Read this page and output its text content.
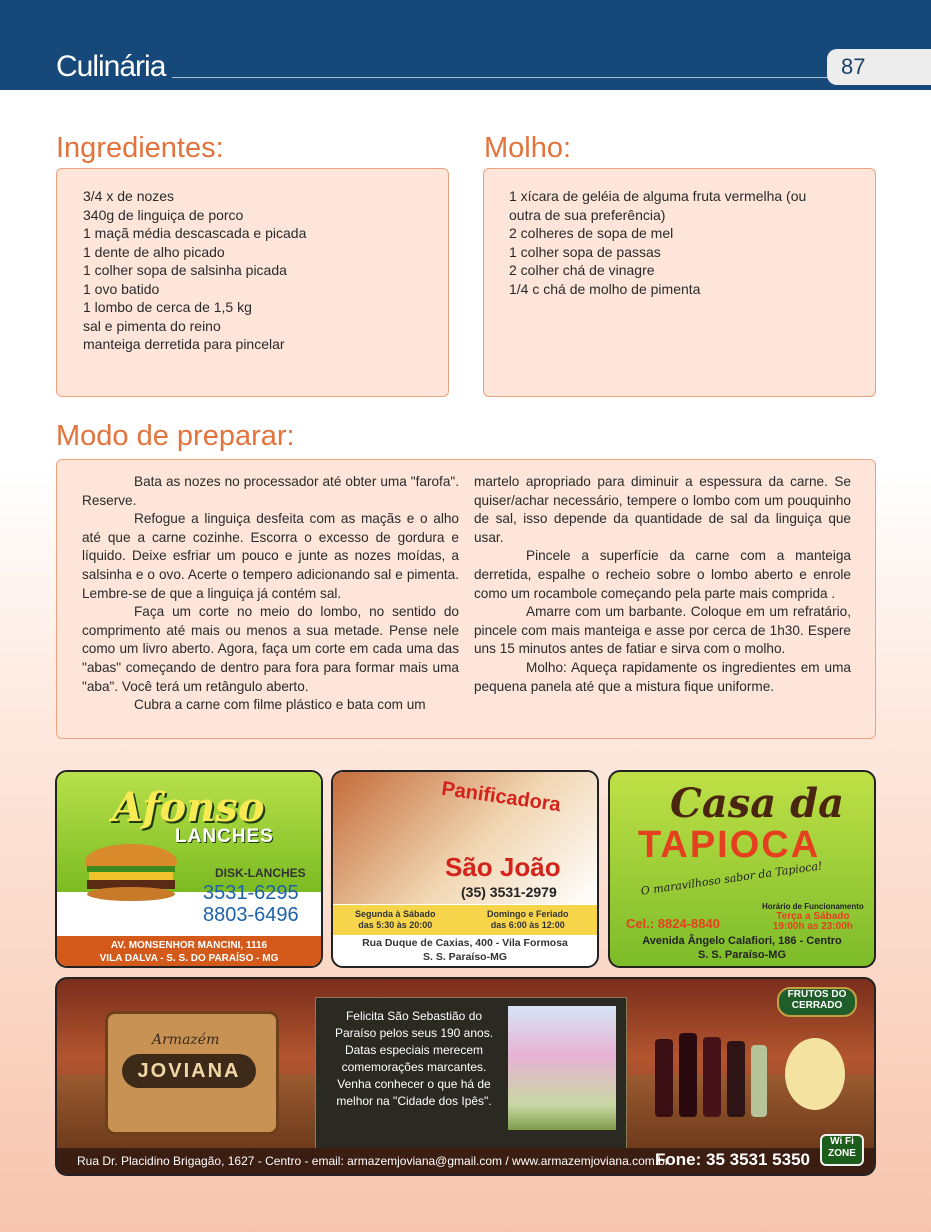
Culinária	87
Ingredientes:
3/4 x de nozes
340g de linguiça de porco
1 maçã média descascada e picada
1 dente de alho picado
1 colher sopa de salsinha picada
1 ovo batido
1 lombo de cerca de 1,5 kg
sal e pimenta do reino
manteiga derretida para pincelar
Molho:
1 xícara de geléia de alguma fruta vermelha (ou
outra de sua preferência)
2 colheres de sopa de mel
1 colher sopa de passas
2 colher chá de vinagre
1/4 c chá de molho de pimenta
Modo de preparar:

Bata as nozes no processador até obter uma "farofa". Reserve.

Refogue a linguiça desfeita com as maçãs e o alho até que a carne cozinhe. Escorra o excesso de gordura e líquido. Deixe esfriar um pouco e junte as nozes moídas, a salsinha e o ovo. Acerte o tempero adicionando sal e pimenta. Lembre-se de que a linguiça já contém sal.

Faça um corte no meio do lombo, no sentido do comprimento até mais ou menos a sua metade. Pense nele como um livro aberto. Agora, faça um corte em cada uma das "abas" começando de dentro para fora para formar mais uma "aba". Você terá um retângulo aberto.

Cubra a carne com filme plástico e bata com um

martelo apropriado para diminuir a espessura da carne. Se quiser/achar necessário, tempere o lombo com um pouquinho de sal, isso depende da quantidade de sal da linguiça que usar.

Pincele a superfície da carne com a manteiga derretida, espalhe o recheio sobre o lombo aberto e enrole como um rocambole começando pela parte mais comprida .

Amarre com um barbante. Coloque em um refratário, pincele com mais manteiga e asse por cerca de 1h30. Espere uns 15 minutos antes de fatiar e sirva com o molho.

Molho: Aqueça rapidamente os ingredientes em uma pequena panela até que a mistura fique uniforme.

Afonso
LANCHES
DISK-LANCHES
3531-6295
8803-6496
AV. MONSENHOR MANCINI, 1116
VILA DALVA - S. S. DO PARAÍSO - MG
Panificadora
São João
(35) 3531-2979
Segunda à Sábado
das 5:30 às 20:00
Domingo e Feriado
das 6:00 às 12:00
Rua Duque de Caxias, 400 - Vila Formosa
S. S. Paraíso-MG
Casa da
TAPIOCA
O maravilhoso sabor da Tapioca!
Cel.: 8824-8840
Horário de Funcionamento
Terça a Sábado
19:00h as 23:00h
Avenida Ângelo Calafiori, 186 - Centro
S. S. Paraíso-MG
Armazém
JOVIANA
Felicita São Sebastião do Paraíso pelos seus 190 anos. Datas especiais merecem comemorações marcantes. Venha conhecer o que há de melhor na "Cidade dos Ipês".
FRUTOS DO CERRADO
Rua Dr. Placidino Brigagão, 1627 - Centro - email: armazemjoviana@gmail.com / www.armazemjoviana.com.br
Fone: 35 3531 5350
Wi Fi ZONE
